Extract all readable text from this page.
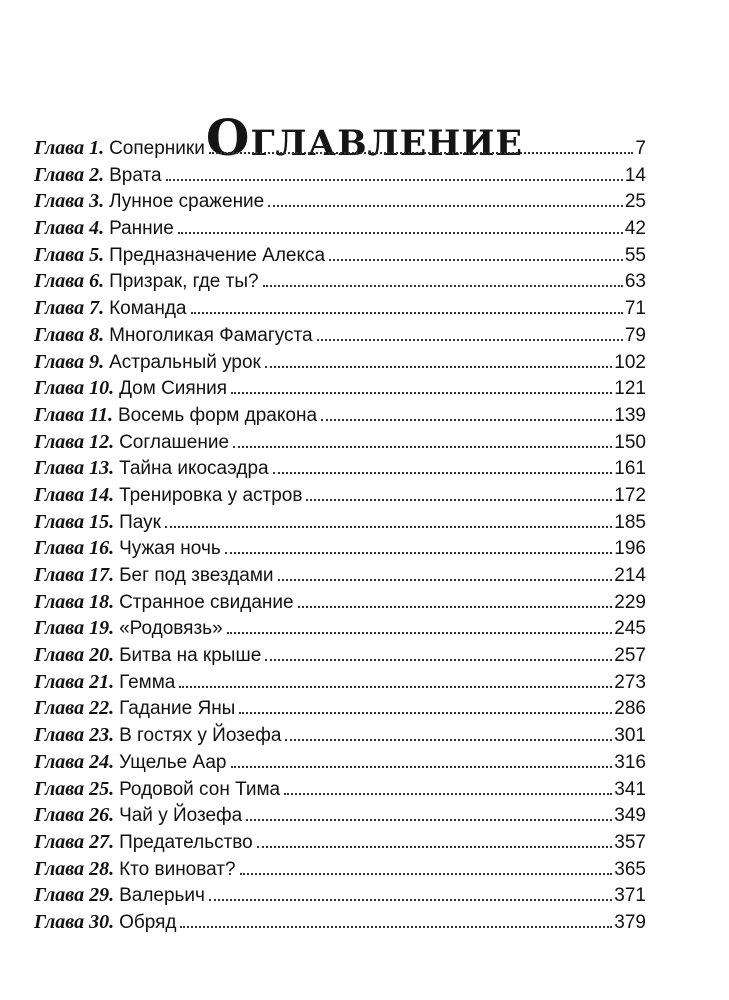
Оглавление
Глава 1. Соперники	7
Глава 2. Врата	14
Глава 3. Лунное сражение	25
Глава 4. Ранние	42
Глава 5. Предназначение Алекса	55
Глава 6. Призрак, где ты?	63
Глава 7. Команда	71
Глава 8. Многоликая Фамагуста	79
Глава 9. Астральный урок	102
Глава 10. Дом Сияния	121
Глава 11. Восемь форм дракона	139
Глава 12. Соглашение	150
Глава 13. Тайна икосаэдра	161
Глава 14. Тренировка у астров	172
Глава 15. Паук	185
Глава 16. Чужая ночь	196
Глава 17. Бег под звездами	214
Глава 18. Странное свидание	229
Глава 19. «Родовязь»	245
Глава 20. Битва на крыше	257
Глава 21. Гемма	273
Глава 22. Гадание Яны	286
Глава 23. В гостях у Йозефа	301
Глава 24. Ущелье Аар	316
Глава 25. Родовой сон Тима	341
Глава 26. Чай у Йозефа	349
Глава 27. Предательство	357
Глава 28. Кто виноват?	365
Глава 29. Валерьич	371
Глава 30. Обряд	379
